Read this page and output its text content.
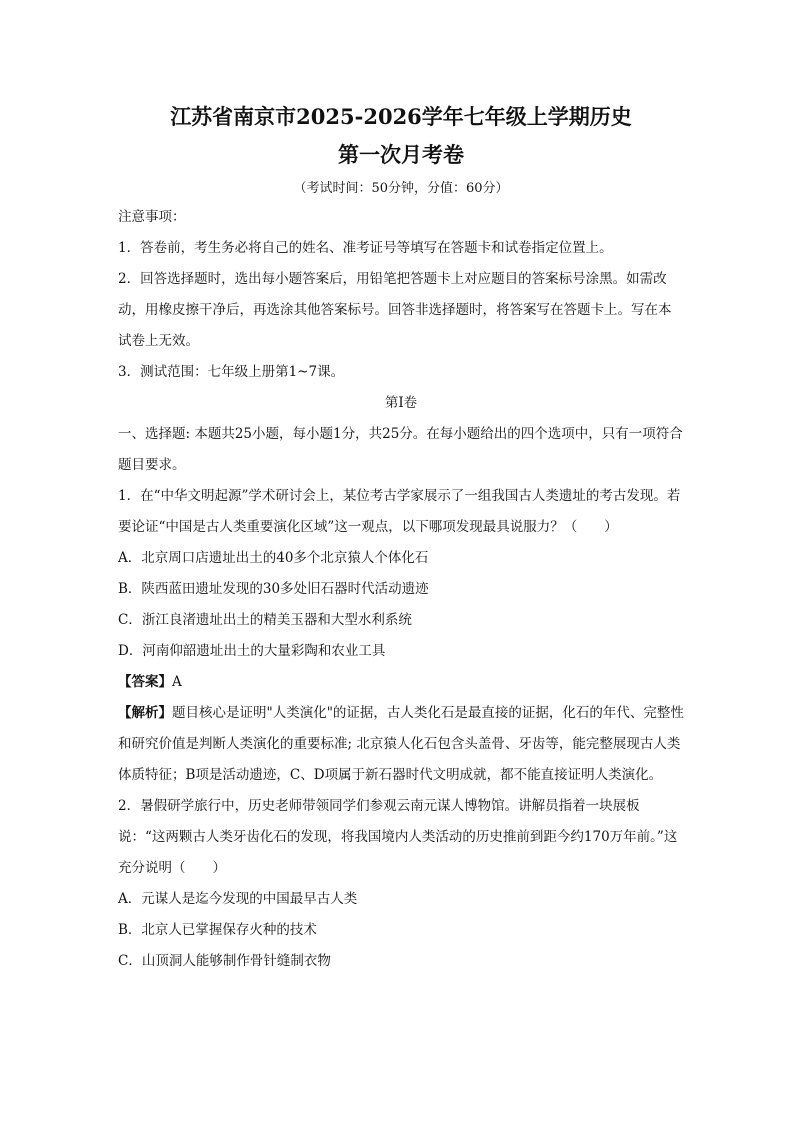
江苏省南京市2025-2026学年七年级上学期历史

第一次月考卷

（考试时间：50分钟，分值：60分）

注意事项：

1．答卷前，考生务必将自己的姓名、准考证号等填写在答题卡和试卷指定位置上。

2．回答选择题时，选出每小题答案后，用铅笔把答题卡上对应题目的答案标号涂黑。如需改动，用橡皮擦干净后，再选涂其他答案标号。回答非选择题时，将答案写在答题卡上。写在本试卷上无效。

3．测试范围：七年级上册第1~7课。

第I卷

一、选择题: 本题共25小题，每小题1分，共25分。在每小题给出的四个选项中，只有一项符合题目要求。

1．在“中华文明起源”学术研讨会上，某位考古学家展示了一组我国古人类遗址的考古发现。若要论证“中国是古人类重要演化区域”这一观点，以下哪项发现最具说服力？（　　）

A．北京周口店遗址出土的40多个北京猿人个体化石

B．陕西蓝田遗址发现的30多处旧石器时代活动遗迹

C．浙江良渚遗址出土的精美玉器和大型水利系统

D．河南仰韶遗址出土的大量彩陶和农业工具

【答案】A

【解析】题目核心是证明"人类演化"的证据，古人类化石是最直接的证据，化石的年代、完整性和研究价值是判断人类演化的重要标准; 北京猿人化石包含头盖骨、牙齿等，能完整展现古人类体质特征；B项是活动遗迹，C、D项属于新石器时代文明成就，都不能直接证明人类演化。

2．暑假研学旅行中，历史老师带领同学们参观云南元谋人博物馆。讲解员指着一块展板说：“这两颗古人类牙齿化石的发现，将我国境内人类活动的历史推前到距今约170万年前。”这充分说明（　　）

A．元谋人是迄今发现的中国最早古人类

B．北京人已掌握保存火种的技术

C．山顶洞人能够制作骨针缝制衣物
